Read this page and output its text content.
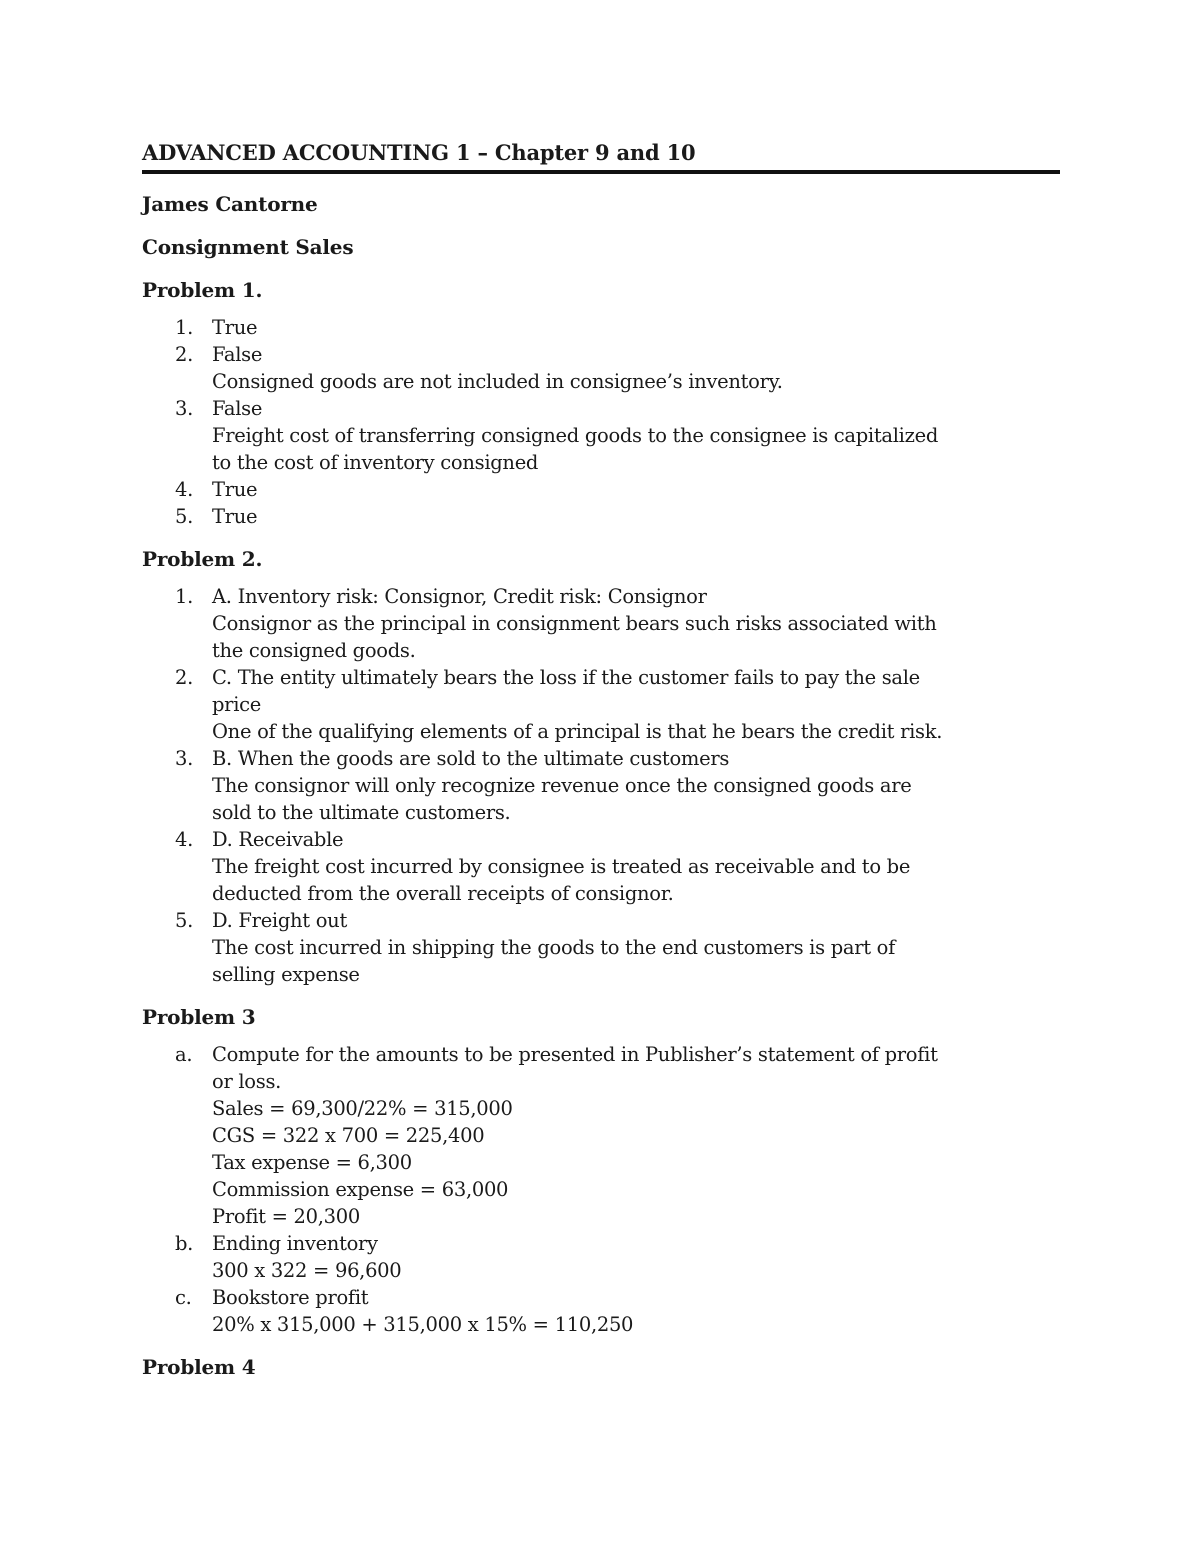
ADVANCED ACCOUNTING 1 – Chapter 9 and 10

James Cantorne

Consignment Sales

Problem 1.

1. True
2. False
Consigned goods are not included in consignee’s inventory.
3. False
Freight cost of transferring consigned goods to the consignee is capitalized
to the cost of inventory consigned
4. True
5. True

Problem 2.

1. A. Inventory risk: Consignor, Credit risk: Consignor
Consignor as the principal in consignment bears such risks associated with
the consigned goods.
2. C. The entity ultimately bears the loss if the customer fails to pay the sale
price
One of the qualifying elements of a principal is that he bears the credit risk.
3. B. When the goods are sold to the ultimate customers
The consignor will only recognize revenue once the consigned goods are
sold to the ultimate customers.
4. D. Receivable
The freight cost incurred by consignee is treated as receivable and to be
deducted from the overall receipts of consignor.
5. D. Freight out
The cost incurred in shipping the goods to the end customers is part of
selling expense

Problem 3

a. Compute for the amounts to be presented in Publisher’s statement of profit
or loss.
Sales = 69,300/22% = 315,000
CGS = 322 x 700 = 225,400
Tax expense = 6,300
Commission expense = 63,000
Profit = 20,300
b. Ending inventory
300 x 322 = 96,600
c. Bookstore profit
20% x 315,000 + 315,000 x 15% = 110,250

Problem 4
